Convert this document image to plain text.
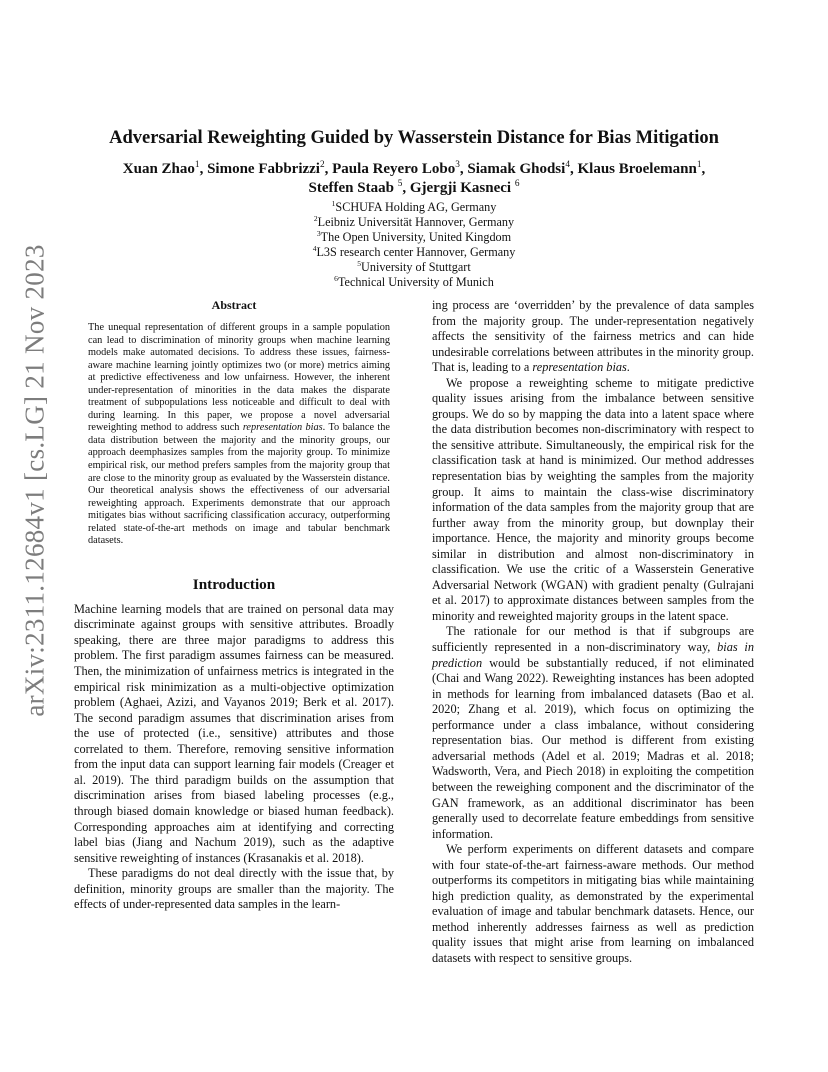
arXiv:2311.12684v1 [cs.LG] 21 Nov 2023
Adversarial Reweighting Guided by Wasserstein Distance for Bias Mitigation
Xuan Zhao$^1$, Simone Fabbrizzi$^2$, Paula Reyero Lobo$^3$, Siamak Ghodsi$^4$, Klaus Broelemann$^1$,
Steffen Staab $^5$, Gjergji Kasneci $^6$
$^1$SCHUFA Holding AG, Germany
$^2$Leibniz Universität Hannover, Germany
$^3$The Open University, United Kingdom
$^4$L3S research center Hannover, Germany
$^5$University of Stuttgart
$^6$Technical University of Munich
Abstract

The unequal representation of different groups in a sample population can lead to discrimination of minority groups when machine learning models make automated decisions. To address these issues, fairness-aware machine learning jointly optimizes two (or more) metrics aiming at predictive effectiveness and low unfairness. However, the inherent under-representation of minorities in the data makes the disparate treatment of subpopulations less noticeable and difficult to deal with during learning. In this paper, we propose a novel adversarial reweighting method to address such representation bias. To balance the data distribution between the majority and the minority groups, our approach deemphasizes samples from the majority group. To minimize empirical risk, our method prefers samples from the majority group that are close to the minority group as evaluated by the Wasserstein distance. Our theoretical analysis shows the effectiveness of our adversarial reweighting approach. Experiments demonstrate that our approach mitigates bias without sacrificing classification accuracy, outperforming related state-of-the-art methods on image and tabular benchmark datasets.

Introduction

Machine learning models that are trained on personal data may discriminate against groups with sensitive attributes. Broadly speaking, there are three major paradigms to address this problem. The first paradigm assumes fairness can be measured. Then, the minimization of unfairness metrics is integrated in the empirical risk minimization as a multi-objective optimization problem (Aghaei, Azizi, and Vayanos 2019; Berk et al. 2017). The second paradigm assumes that discrimination arises from the use of protected (i.e., sensitive) attributes and those correlated to them. Therefore, removing sensitive information from the input data can support learning fair models (Creager et al. 2019). The third paradigm builds on the assumption that discrimination arises from biased labeling processes (e.g., through biased domain knowledge or biased human feedback). Corresponding approaches aim at identifying and correcting label bias (Jiang and Nachum 2019), such as the adaptive sensitive reweighting of instances (Krasanakis et al. 2018).

These paradigms do not deal directly with the issue that, by definition, minority groups are smaller than the majority. The effects of under-represented data samples in the learn-

ing process are ‘overridden’ by the prevalence of data samples from the majority group. The under-representation negatively affects the sensitivity of the fairness metrics and can hide undesirable correlations between attributes in the minority group. That is, leading to a representation bias.

We propose a reweighting scheme to mitigate predictive quality issues arising from the imbalance between sensitive groups. We do so by mapping the data into a latent space where the data distribution becomes non-discriminatory with respect to the sensitive attribute. Simultaneously, the empirical risk for the classification task at hand is minimized. Our method addresses representation bias by weighting the samples from the majority group. It aims to maintain the class-wise discriminatory information of the data samples from the majority group that are further away from the minority group, but downplay their importance. Hence, the majority and minority groups become similar in distribution and almost non-discriminatory in classification. We use the critic of a Wasserstein Generative Adversarial Network (WGAN) with gradient penalty (Gulrajani et al. 2017) to approximate distances between samples from the minority and reweighted majority groups in the latent space.

The rationale for our method is that if subgroups are sufficiently represented in a non-discriminatory way, bias in prediction would be substantially reduced, if not eliminated (Chai and Wang 2022). Reweighting instances has been adopted in methods for learning from imbalanced datasets (Bao et al. 2020; Zhang et al. 2019), which focus on optimizing the performance under a class imbalance, without considering representation bias. Our method is different from existing adversarial methods (Adel et al. 2019; Madras et al. 2018; Wadsworth, Vera, and Piech 2018) in exploiting the competition between the reweighing component and the discriminator of the GAN framework, as an additional discriminator has been generally used to decorrelate feature embeddings from sensitive information.

We perform experiments on different datasets and compare with four state-of-the-art fairness-aware methods. Our method outperforms its competitors in mitigating bias while maintaining high prediction quality, as demonstrated by the experimental evaluation of image and tabular benchmark datasets. Hence, our method inherently addresses fairness as well as prediction quality issues that might arise from learning on imbalanced datasets with respect to sensitive groups.
